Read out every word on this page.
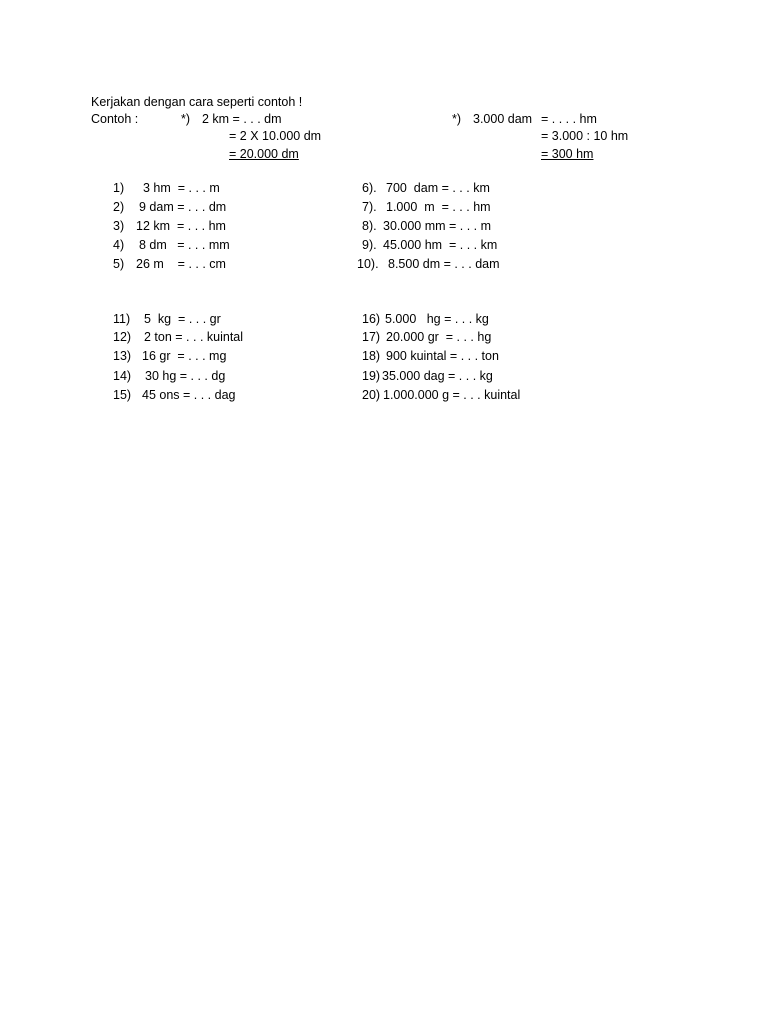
Kerjakan dengan cara seperti contoh !
Contoh :	*) 2 km = . . . dm
= 2 X 10.000 dm
= 20.000 dm
*) 3.000 dam = . . . . hm
= 3.000 : 10 hm
= 300 hm
1) 3 hm  = . . . m
2) 9 dam = . . . dm
3) 12 km  = . . . hm
4) 8 dm   = . . . mm
5) 26 m    = . . . cm
6). 700  dam = . . . km
7). 1.000  m  = . . . hm
8). 30.000 mm = . . . m
9). 45.000 hm  = . . . km
10). 8.500 dm = . . . dam
11) 5  kg  = . . . gr
12) 2 ton = . . . kuintal
13) 16 gr  = . . . mg
14) 30 hg = . . . dg
15) 45 ons = . . . dag
16) 5.000   hg = . . . kg
17) 20.000 gr  = . . . hg
18) 900 kuintal = . . . ton
19) 35.000 dag = . . . kg
20) 1.000.000 g = . . . kuintal
